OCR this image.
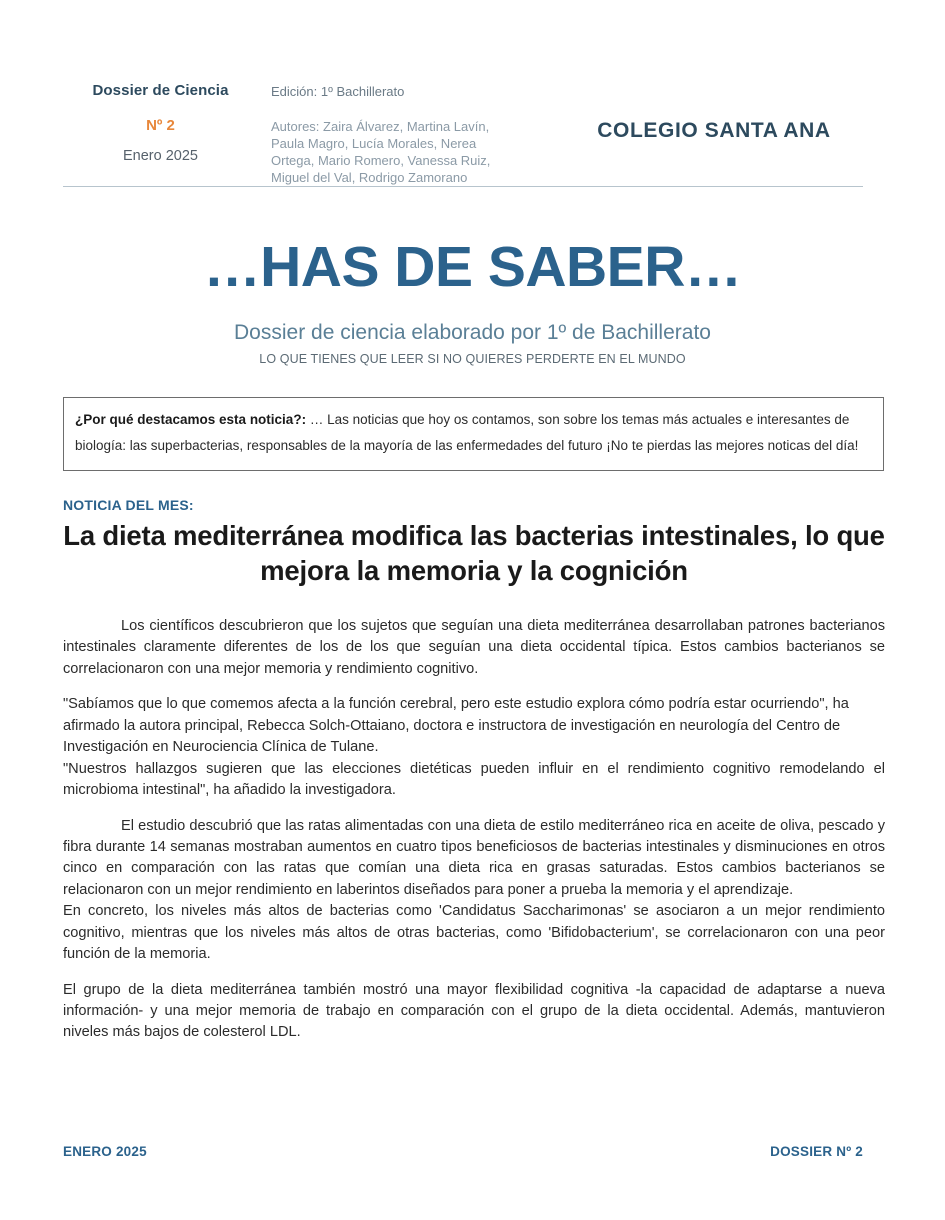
Dossier de Ciencia
Nº 2
Enero 2025
Edición: 1º Bachillerato
Autores: Zaira Álvarez, Martina Lavín, Paula Magro, Lucía Morales, Nerea Ortega, Mario Romero, Vanessa Ruiz, Miguel del Val, Rodrigo Zamorano
COLEGIO SANTA ANA
…HAS DE SABER…
Dossier de ciencia elaborado por 1º de Bachillerato
LO QUE TIENES QUE LEER SI NO QUIERES PERDERTE EN EL MUNDO

¿Por qué destacamos esta noticia?: … Las noticias que hoy os contamos, son sobre los temas más actuales e interesantes de biología: las superbacterias, responsables de la mayoría de las enfermedades del futuro ¡No te pierdas las mejores noticas del día!

NOTICIA DEL MES:
La dieta mediterránea modifica las bacterias intestinales, lo que mejora la memoria y la cognición

Los científicos descubrieron que los sujetos que seguían una dieta mediterránea desarrollaban patrones bacterianos intestinales claramente diferentes de los de los que seguían una dieta occidental típica. Estos cambios bacterianos se correlacionaron con una mejor memoria y rendimiento cognitivo.

"Sabíamos que lo que comemos afecta a la función cerebral, pero este estudio explora cómo podría estar ocurriendo", ha afirmado la autora principal, Rebecca Solch-Ottaiano, doctora e instructora de investigación en neurología del Centro de Investigación en Neurociencia Clínica de Tulane.

"Nuestros hallazgos sugieren que las elecciones dietéticas pueden influir en el rendimiento cognitivo remodelando el microbioma intestinal", ha añadido la investigadora.

El estudio descubrió que las ratas alimentadas con una dieta de estilo mediterráneo rica en aceite de oliva, pescado y fibra durante 14 semanas mostraban aumentos en cuatro tipos beneficiosos de bacterias intestinales y disminuciones en otros cinco en comparación con las ratas que comían una dieta rica en grasas saturadas. Estos cambios bacterianos se relacionaron con un mejor rendimiento en laberintos diseñados para poner a prueba la memoria y el aprendizaje.

En concreto, los niveles más altos de bacterias como 'Candidatus Saccharimonas' se asociaron a un mejor rendimiento cognitivo, mientras que los niveles más altos de otras bacterias, como 'Bifidobacterium', se correlacionaron con una peor función de la memoria.

El grupo de la dieta mediterránea también mostró una mayor flexibilidad cognitiva -la capacidad de adaptarse a nueva información- y una mejor memoria de trabajo en comparación con el grupo de la dieta occidental. Además, mantuvieron niveles más bajos de colesterol LDL.

ENERO 2025	DOSSIER Nº 2
